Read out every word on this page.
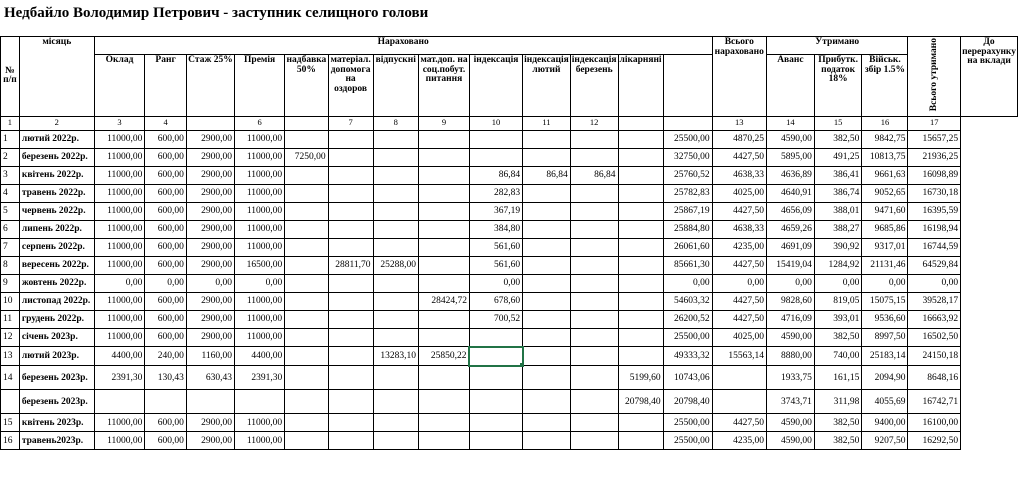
Недбайло Володимир Петрович - заступник селищного голови
№ п/п	місяць	Нараховано													Всього нараховано	Утримано			Всього утримано	До перерахунку на вклади
		Оклад	Ранг	Стаж 25%	Премія	надбавка 50%	матеріал. допомога на оздоров	відпускні	мат.доп. на соц.побут. питання	індексація	індексація лютий	індексація березень	лікарняні			Аванс	Прибутк. податок 18%	Військ. збір 1.5%		
1	2	3	4		6		7	8	9	10	11	12			13	14	15	16	17	
1	лютий 2022р.	11000,00	600,00	2900,00	11000,00									25500,00	4870,25	4590,00	382,50	9842,75	15657,25	
2	березень 2022р.	11000,00	600,00	2900,00	11000,00	7250,00								32750,00	4427,50	5895,00	491,25	10813,75	21936,25	
3	квітень 2022р.	11000,00	600,00	2900,00	11000,00					86,84	86,84	86,84		25760,52	4638,33	4636,89	386,41	9661,63	16098,89	
4	травень 2022р.	11000,00	600,00	2900,00	11000,00					282,83				25782,83	4025,00	4640,91	386,74	9052,65	16730,18	
5	червень 2022р.	11000,00	600,00	2900,00	11000,00					367,19				25867,19	4427,50	4656,09	388,01	9471,60	16395,59	
6	липень 2022р.	11000,00	600,00	2900,00	11000,00					384,80				25884,80	4638,33	4659,26	388,27	9685,86	16198,94	
7	серпень 2022р.	11000,00	600,00	2900,00	11000,00					561,60				26061,60	4235,00	4691,09	390,92	9317,01	16744,59	
8	вересень 2022р.	11000,00	600,00	2900,00	16500,00		28811,70	25288,00		561,60				85661,30	4427,50	15419,04	1284,92	21131,46	64529,84	
9	жовтень 2022р.	0,00	0,00	0,00	0,00					0,00				0,00	0,00	0,00	0,00	0,00	0,00	
10	листопад 2022р.	11000,00	600,00	2900,00	11000,00				28424,72	678,60				54603,32	4427,50	9828,60	819,05	15075,15	39528,17	
11	грудень 2022р.	11000,00	600,00	2900,00	11000,00					700,52				26200,52	4427,50	4716,09	393,01	9536,60	16663,92	
12	січень 2023р.	11000,00	600,00	2900,00	11000,00									25500,00	4025,00	4590,00	382,50	8997,50	16502,50	
13	лютий 2023р.	4400,00	240,00	1160,00	4400,00			13283,10	25850,22					49333,32	15563,14	8880,00	740,00	25183,14	24150,18	
14	березень 2023р.	2391,30	130,43	630,43	2391,30								5199,60	10743,06		1933,75	161,15	2094,90	8648,16	
	березень 2023р.												20798,40	20798,40		3743,71	311,98	4055,69	16742,71	
15	квітень 2023р.	11000,00	600,00	2900,00	11000,00									25500,00	4427,50	4590,00	382,50	9400,00	16100,00	
16	травень2023р.	11000,00	600,00	2900,00	11000,00									25500,00	4235,00	4590,00	382,50	9207,50	16292,50	
